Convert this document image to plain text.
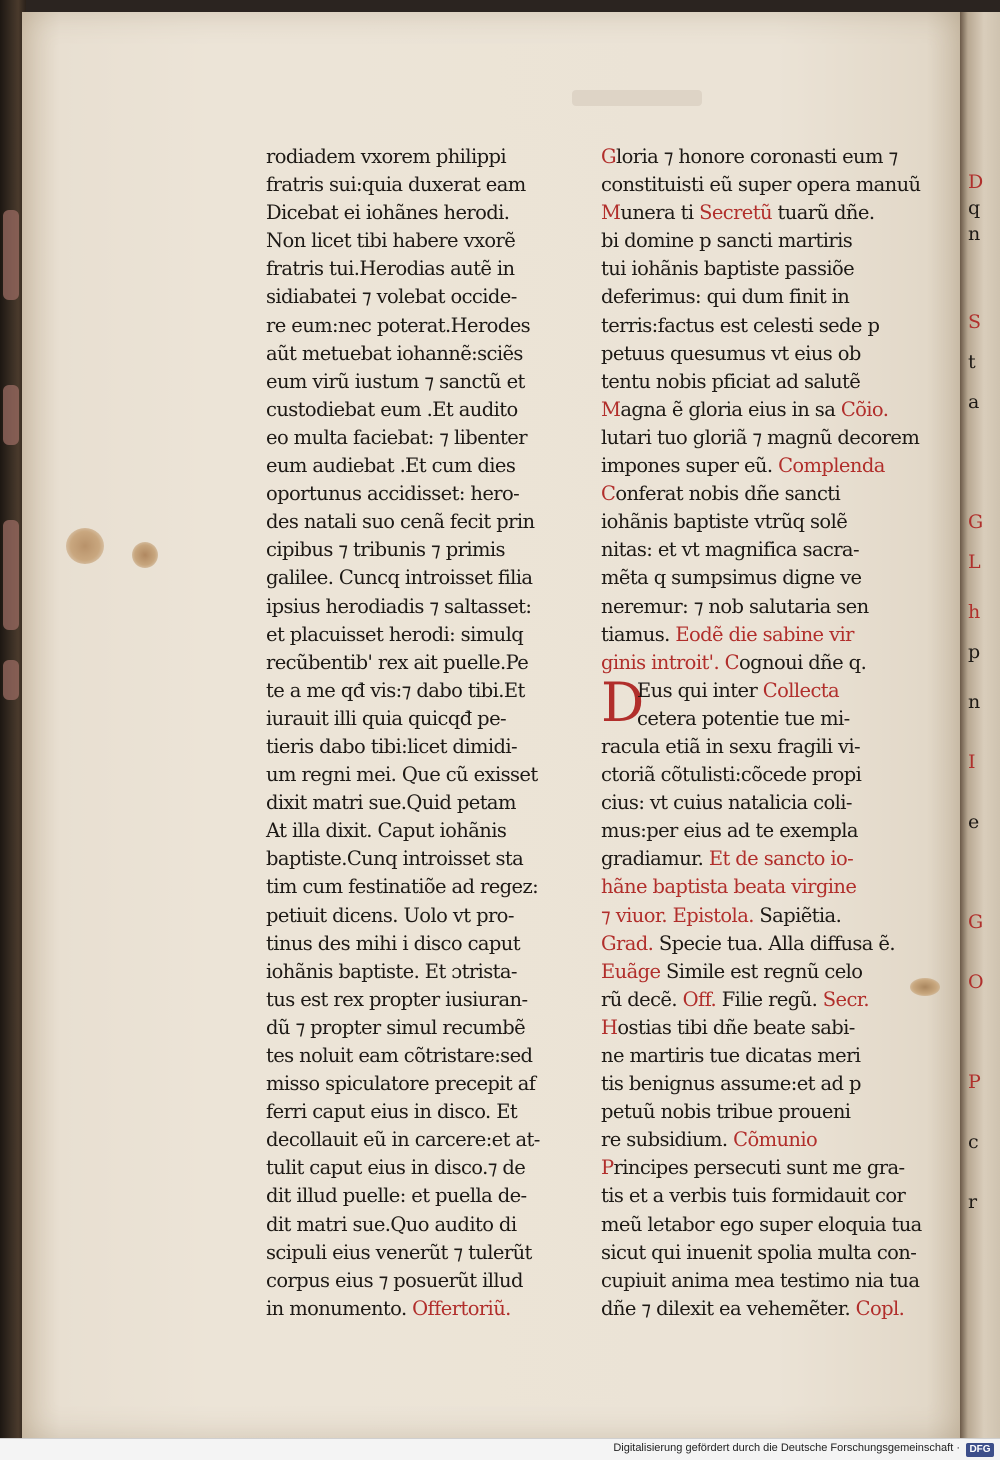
rodiadem vxorem philippi
fratris sui:quia duxerat eam
Dicebat ei iohãnes herodi.
Non licet tibi habere vxorẽ
fratris tui.Herodias autẽ in
sidiabatei ⁊ volebat occide-
re eum:nec poterat.Herodes
aũt metuebat iohannẽ:sciẽs
eum virũ iustum ⁊ sanctũ et
custodiebat eum .Et audito
eo multa faciebat: ⁊ libenter
eum audiebat .Et cum dies
oportunus accidisset: hero-
des natali suo cenã fecit prin
cipibus ⁊ tribunis ⁊ primis
galilee. Cuncq introisset filia
ipsius herodiadis ⁊ saltasset:
et placuisset herodi: simulq
recũbentib' rex ait puelle.Pe
te a me qđ vis:⁊ dabo tibi.Et
iurauit illi quia quicqđ pe-
tieris dabo tibi:licet dimidi-
um regni mei. Que cũ exisset
dixit matri sue.Quid petam
At illa dixit. Caput iohãnis
baptiste.Cunq introisset sta
tim cum festinatiõe ad regez:
petiuit dicens. Uolo vt pro-
tinus des mihi i disco caput
iohãnis baptiste. Et ɔtrista-
tus est rex propter iusiuran-
dũ ⁊ propter simul recumbẽ
tes noluit eam cõtristare:sed
misso spiculatore precepit af
ferri caput eius in disco. Et
decollauit eũ in carcere:et at-
tulit caput eius in disco.⁊ de
dit illud puelle: et puella de-
dit matri sue.Quo audito di
scipuli eius venerũt ⁊ tulerũt
corpus eius ⁊ posuerũt illud
in monumento. Offertoriũ.
Gloria ⁊ honore coronasti eum ⁊
constituisti eũ super opera manuũ
Munera ti Secretũ tuarũ dñe.
bi domine p sancti martiris
tui iohãnis baptiste passiõe
deferimus: qui dum finit in
terris:factus est celesti sede p
petuus quesumus vt eius ob
tentu nobis pficiat ad salutẽ
Magna ẽ gloria eius in sa Cõio.
lutari tuo gloriã ⁊ magnũ decorem
impones super eũ. Complenda
Conferat nobis dñe sancti
iohãnis baptiste vtrũq solẽ
nitas: et vt magnifica sacra-
mẽta q sumpsimus digne ve
neremur: ⁊ nob salutaria sen
tiamus. Eodẽ die sabine vir
ginis introit'. Cognoui dñe q.
D
Eus qui inter Collecta
cetera potentie tue mi-
racula etiã in sexu fragili vi-
ctoriã cõtulisti:cõcede propi
cius: vt cuius natalicia coli-
mus:per eius ad te exempla
gradiamur. Et de sancto io-
hãne baptista beata virgine
⁊ viuor. Epistola. Sapiẽtia.
Grad. Specie tua. Alla diffusa ẽ.
Euãge Simile est regnũ celo
rũ decẽ. Off. Filie regũ. Secr.
Hostias tibi dñe beate sabi-
ne martiris tue dicatas meri
tis benignus assume:et ad p
petuũ nobis tribue proueni
re subsidium. Cõmunio
Principes persecuti sunt me gra-
tis et a verbis tuis formidauit cor
meũ letabor ego super eloquia tua
sicut qui inuenit spolia multa con-
cupiuit anima mea testimo nia tua
dñe ⁊ dilexit ea vehemẽter. Copl.
D
q
n
S
t
a
G
L
h
p
n
I
e
G
O
P
c
r
Digitalisierung gefördert durch die Deutsche Forschungsgemeinschaft · DFG
